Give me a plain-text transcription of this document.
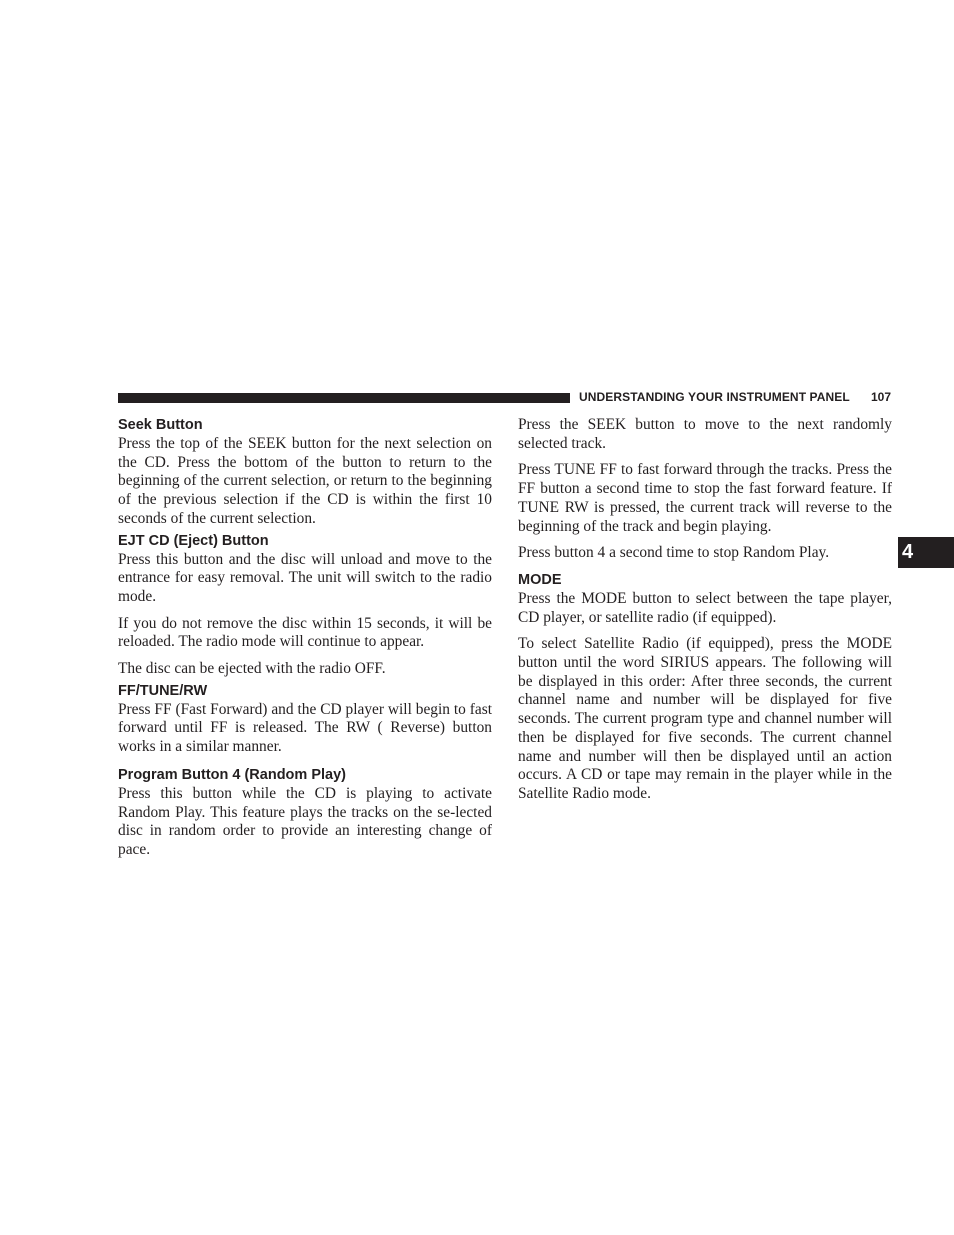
UNDERSTANDING YOUR INSTRUMENT PANEL 107
4
Seek Button

Press the top of the SEEK button for the next selection on the CD. Press the bottom of the button to return to the beginning of the current selection, or return to the beginning of the previous selection if the CD is within the first 10 seconds of the current selection.

EJT CD (Eject) Button

Press this button and the disc will unload and move to the entrance for easy removal. The unit will switch to the radio mode.

If you do not remove the disc within 15 seconds, it will be reloaded. The radio mode will continue to appear.

The disc can be ejected with the radio OFF.

FF/TUNE/RW

Press FF (Fast Forward) and the CD player will begin to fast forward until FF is released. The RW ( Reverse) button works in a similar manner.

Program Button 4 (Random Play)

Press this button while the CD is playing to activate Random Play. This feature plays the tracks on the se-lected disc in random order to provide an interesting change of pace.

Press the SEEK button to move to the next randomly selected track.

Press TUNE FF to fast forward through the tracks. Press the FF button a second time to stop the fast forward feature. If TUNE RW is pressed, the current track will reverse to the beginning of the track and begin playing.

Press button 4 a second time to stop Random Play.

MODE

Press the MODE button to select between the tape player, CD player, or satellite radio (if equipped).

To select Satellite Radio (if equipped), press the MODE button until the word SIRIUS appears. The following will be displayed in this order: After three seconds, the current channel name and number will be displayed for five seconds. The current program type and channel number will then be displayed for five seconds. The current channel name and number will then be displayed until an action occurs. A CD or tape may remain in the player while in the Satellite Radio mode.
